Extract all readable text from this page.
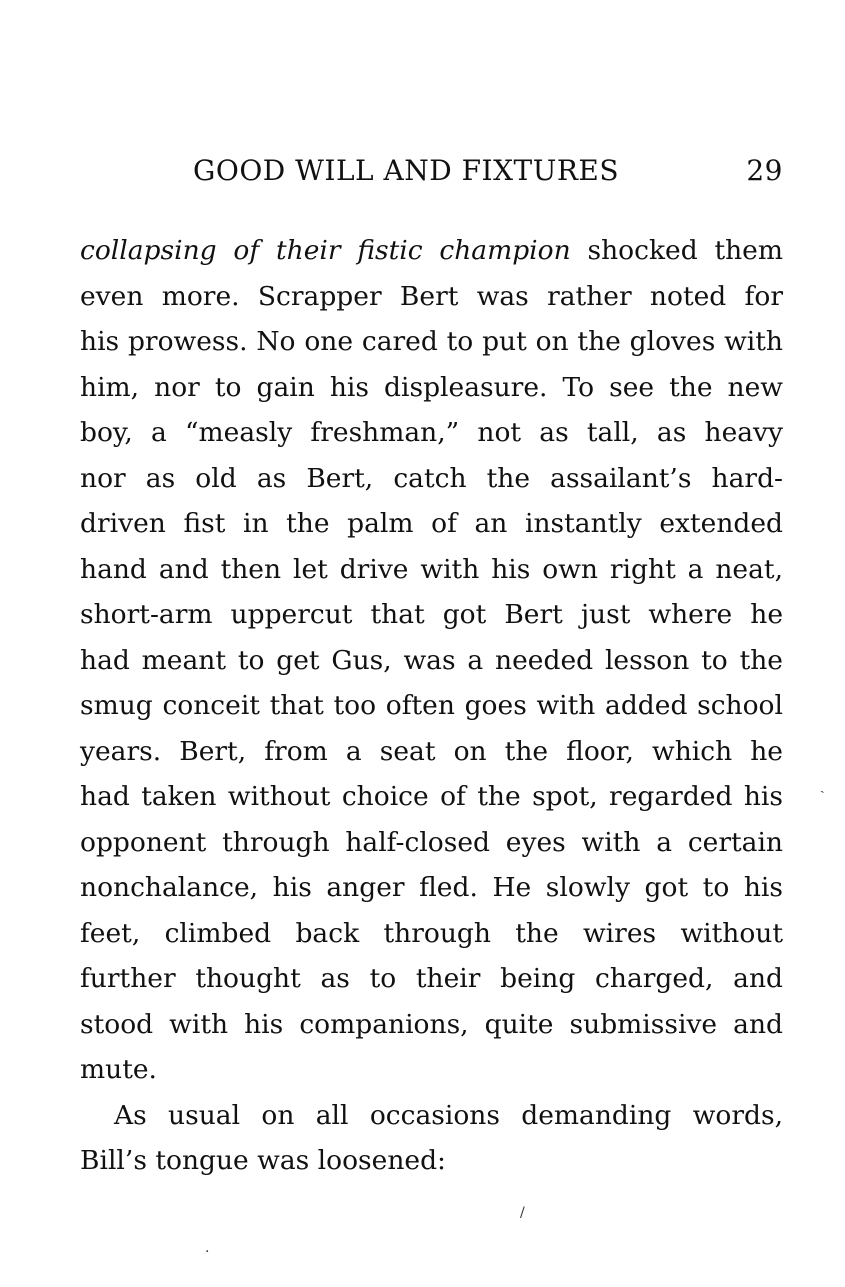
GOOD WILL AND FIXTURES	29
collapsing of their fistic champion shocked them
even more. Scrapper Bert was rather noted for
his prowess. No one cared to put on the gloves with
him, nor to gain his displeasure. To see the new
boy, a “measly freshman,” not as tall, as heavy
nor as old as Bert, catch the assailant’s hard-
driven fist in the palm of an instantly extended
hand and then let drive with his own right a neat,
short-arm uppercut that got Bert just where he
had meant to get Gus, was a needed lesson to the
smug conceit that too often goes with added school
years. Bert, from a seat on the floor, which he
had taken without choice of the spot, regarded his
opponent through half-closed eyes with a certain
nonchalance, his anger fled. He slowly got to his
feet, climbed back through the wires without
further thought as to their being charged, and
stood with his companions, quite submissive and
mute.
As usual on all occasions demanding words,
Bill’s tongue was loosened:
ˎ
/
.
